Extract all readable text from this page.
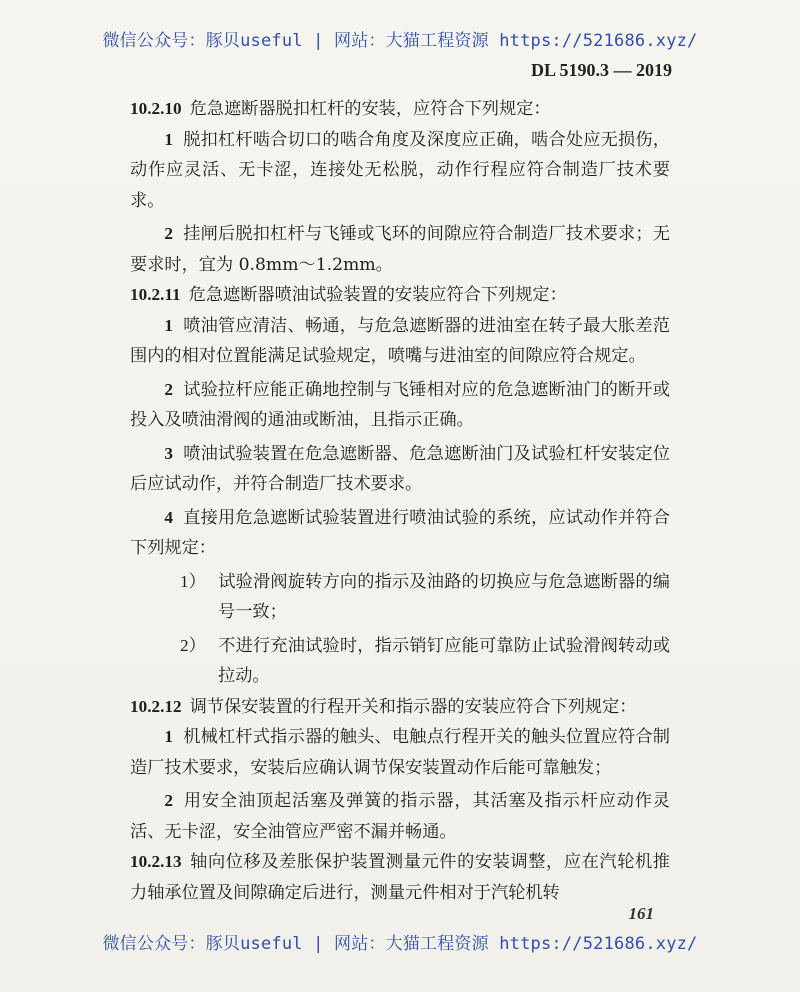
微信公众号：豚贝useful | 网站：大猫工程资源 https://521686.xyz/
DL 5190.3 — 2019

10.2.10 危急遮断器脱扣杠杆的安装，应符合下列规定：

1 脱扣杠杆啮合切口的啮合角度及深度应正确，啮合处应无损伤，动作应灵活、无卡涩，连接处无松脱，动作行程应符合制造厂技术要求。

2 挂闸后脱扣杠杆与飞锤或飞环的间隙应符合制造厂技术要求；无要求时，宜为 0.8mm～1.2mm。

10.2.11 危急遮断器喷油试验装置的安装应符合下列规定：

1 喷油管应清洁、畅通，与危急遮断器的进油室在转子最大胀差范围内的相对位置能满足试验规定，喷嘴与进油室的间隙应符合规定。

2 试验拉杆应能正确地控制与飞锤相对应的危急遮断油门的断开或投入及喷油滑阀的通油或断油，且指示正确。

3 喷油试验装置在危急遮断器、危急遮断油门及试验杠杆安装定位后应试动作，并符合制造厂技术要求。

4 直接用危急遮断试验装置进行喷油试验的系统，应试动作并符合下列规定：

1） 试验滑阀旋转方向的指示及油路的切换应与危急遮断器的编号一致；

2） 不进行充油试验时，指示销钉应能可靠防止试验滑阀转动或拉动。

10.2.12 调节保安装置的行程开关和指示器的安装应符合下列规定：

1 机械杠杆式指示器的触头、电触点行程开关的触头位置应符合制造厂技术要求，安装后应确认调节保安装置动作后能可靠触发；

2 用安全油顶起活塞及弹簧的指示器，其活塞及指示杆应动作灵活、无卡涩，安全油管应严密不漏并畅通。

10.2.13 轴向位移及差胀保护装置测量元件的安装调整，应在汽轮机推力轴承位置及间隙确定后进行，测量元件相对于汽轮机转

161
微信公众号：豚贝useful | 网站：大猫工程资源 https://521686.xyz/
